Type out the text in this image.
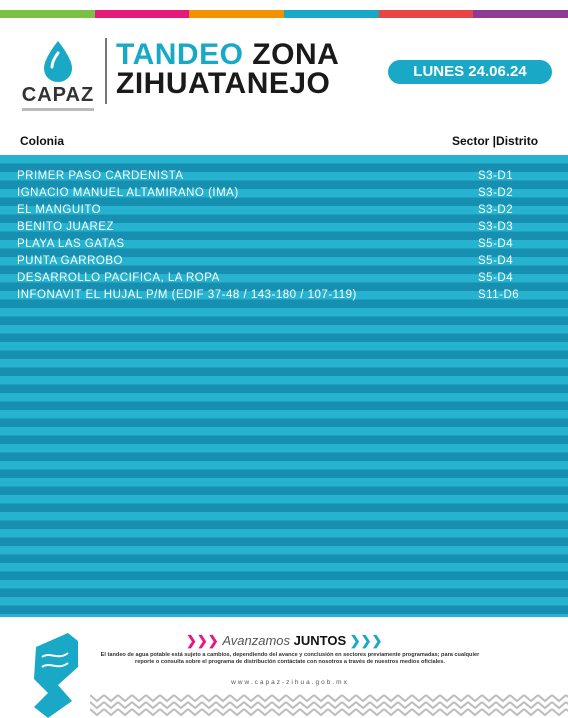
CAPAZ
TANDEO ZONA
ZIHUATANEJO	LUNES 24.06.24
Colonia	Sector |Distrito
PRIMER PASO CARDENISTA	S3-D1
IGNACIO MANUEL ALTAMIRANO (IMA)	S3-D2
EL MANGUITO	S3-D2
BENITO JUAREZ	S3-D3
PLAYA LAS GATAS	S5-D4
PUNTA GARROBO	S5-D4
DESARROLLO PACIFICA, LA ROPA	S5-D4
INFONAVIT EL HUJAL P/M (EDIF 37-48 / 143-180 / 107-119)	S11-D6
❯❯❯ Avanzamos JUNTOS ❯❯❯
El tandeo de agua potable está sujeto a cambios, dependiendo del avance y conclusión en sectores previamente programadas; para cualquier reporte o consulta sobre el programa de distribución contáctate con nosotros a través de nuestros medios oficiales.
www.capaz-zihua.gob.mx
